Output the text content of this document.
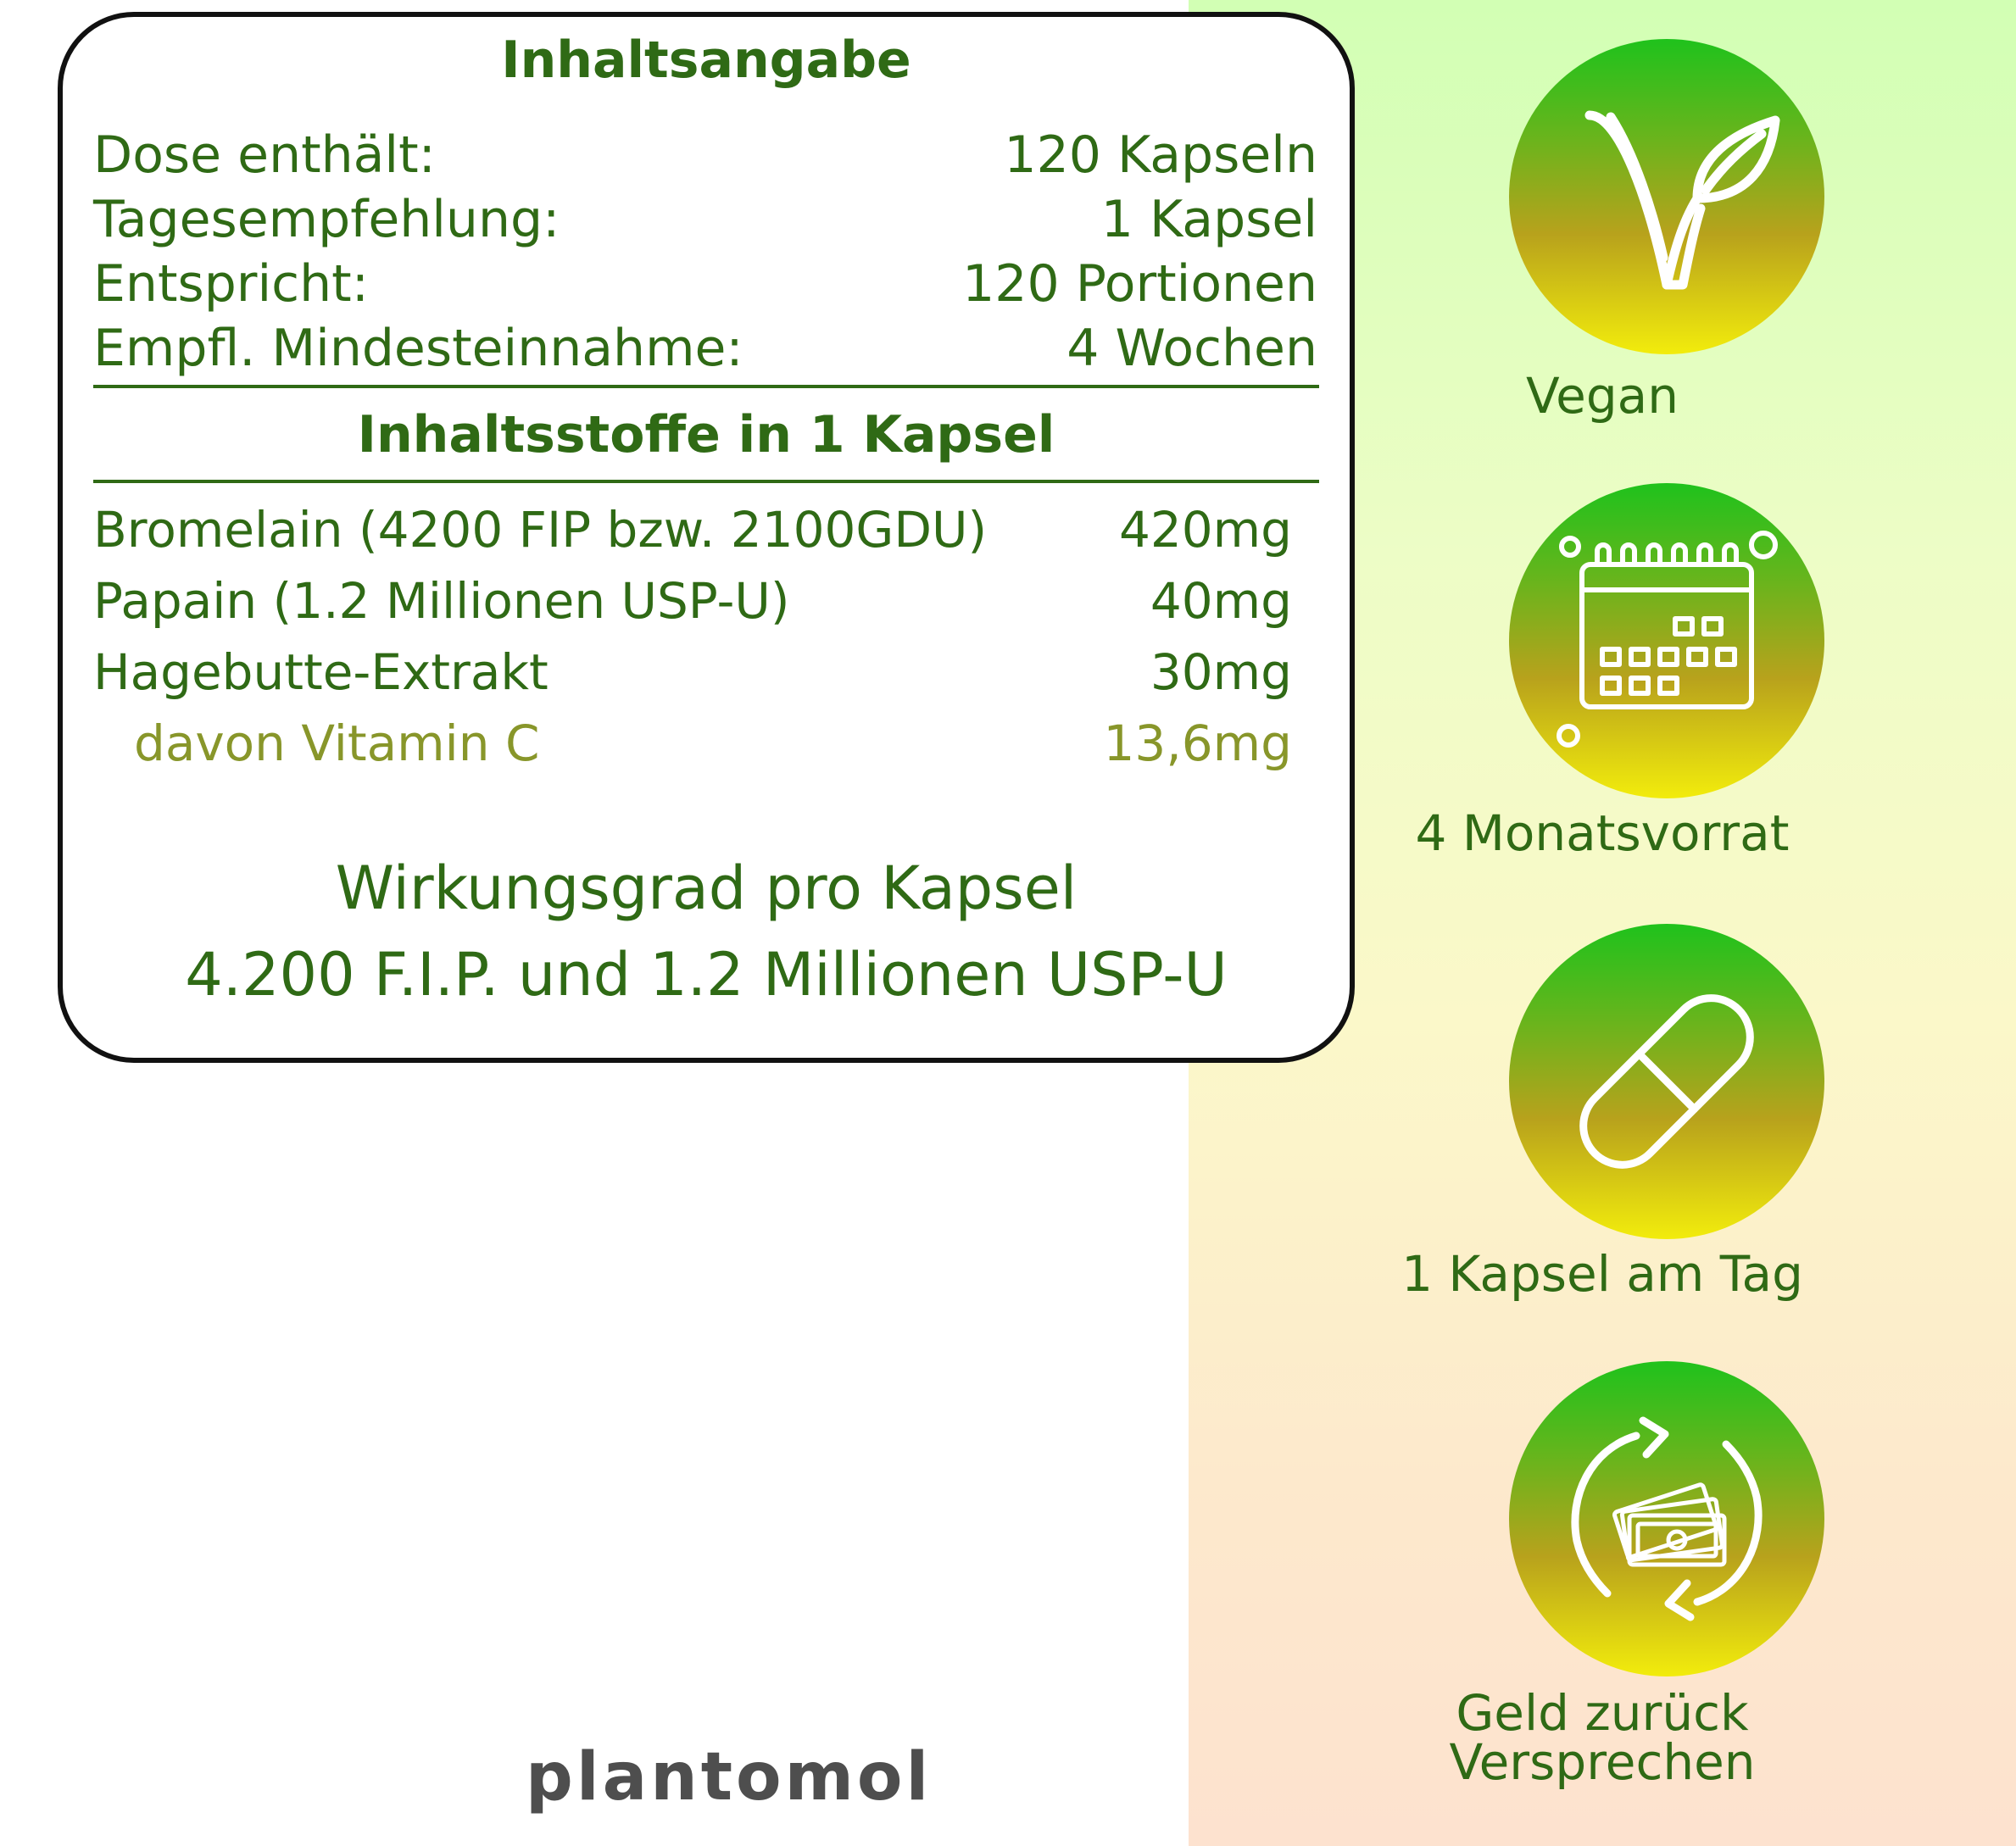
Inhaltsangabe
Dose enthält:	120 Kapseln
Tagesempfehlung:	1 Kapsel
Entspricht:	120 Portionen
Empfl. Mindesteinnahme:	4 Wochen
Inhaltsstoffe in 1 Kapsel
Bromelain (4200 FIP bzw. 2100GDU)	420mg
Papain (1.2 Millionen USP-U)	40mg
Hagebutte-Extrakt	30mg
davon Vitamin C	13,6mg
Wirkungsgrad pro Kapsel
4.200 F.I.P. und 1.2 Millionen USP-U
plantomol
Vegan
4 Monatsvorrat
1 Kapsel am Tag
Geld zurück
Versprechen
